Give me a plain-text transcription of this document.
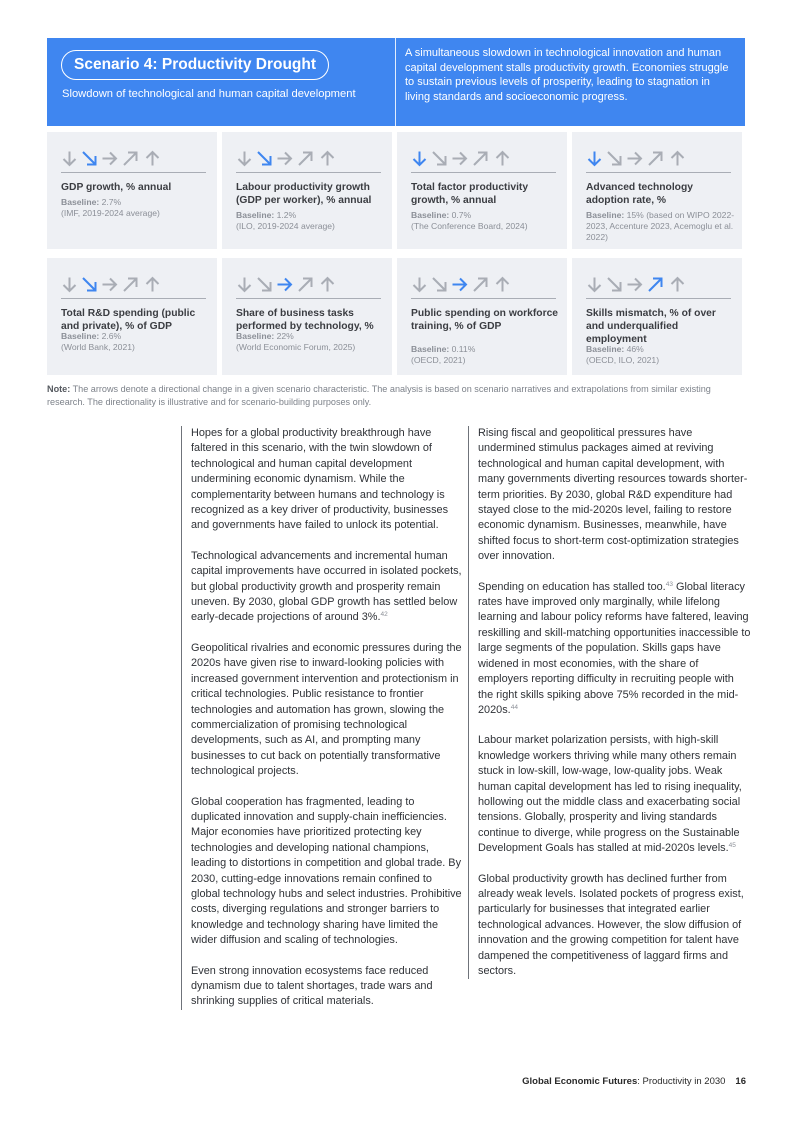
Scenario 4: Productivity Drought
Slowdown of technological and human capital development
A simultaneous slowdown in technological innovation and human capital development stalls productivity growth. Economies struggle to sustain previous levels of prosperity, leading to stagnation in living standards and socioeconomic progress.
GDP growth, % annual
Baseline: 2.7%
(IMF, 2019-2024 average)
Labour productivity growth (GDP per worker), % annual
Baseline: 1.2%
(ILO, 2019-2024 average)
Total factor productivity growth, % annual
Baseline: 0.7%
(The Conference Board, 2024)
Advanced technology adoption rate, %
Baseline: 15% (based on WIPO 2022-2023, Accenture 2023, Acemoglu et al. 2022)
Total R&D spending (public and private), % of GDP
Baseline: 2.6%
(World Bank, 2021)
Share of business tasks performed by technology, %
Baseline: 22%
(World Economic Forum, 2025)
Public spending on workforce training, % of GDP
Baseline: 0.11%
(OECD, 2021)
Skills mismatch, % of over and underqualified employment
Baseline: 46%
(OECD, ILO, 2021)
Note: The arrows denote a directional change in a given scenario characteristic. The analysis is based on scenario narratives and extrapolations from similar existing research. The directionality is illustrative and for scenario-building purposes only.

Hopes for a global productivity breakthrough have faltered in this scenario, with the twin slowdown of technological and human capital development undermining economic dynamism. While the complementarity between humans and technology is recognized as a key driver of productivity, businesses and governments have failed to unlock its potential.

Technological advancements and incremental human capital improvements have occurred in isolated pockets, but global productivity growth and prosperity remain uneven. By 2030, global GDP growth has settled below early-decade projections of around 3%.$^{42}$

Geopolitical rivalries and economic pressures during the 2020s have given rise to inward-looking policies with increased government intervention and protectionism in critical technologies. Public resistance to frontier technologies and automation has grown, slowing the commercialization of promising technological developments, such as AI, and prompting many businesses to cut back on potentially transformative technological projects.

Global cooperation has fragmented, leading to duplicated innovation and supply-chain inefficiencies. Major economies have prioritized protecting key technologies and developing national champions, leading to distortions in competition and global trade. By 2030, cutting-edge innovations remain confined to global technology hubs and select industries. Prohibitive costs, diverging regulations and stronger barriers to knowledge and technology sharing have limited the wider diffusion and scaling of technologies.

Even strong innovation ecosystems face reduced dynamism due to talent shortages, trade wars and shrinking supplies of critical materials.

Rising fiscal and geopolitical pressures have undermined stimulus packages aimed at reviving technological and human capital development, with many governments diverting resources towards shorter-term priorities. By 2030, global R&D expenditure had stayed close to the mid-2020s level, failing to restore economic dynamism. Businesses, meanwhile, have shifted focus to short-term cost-optimization strategies over innovation.

Spending on education has stalled too.$^{43}$ Global literacy rates have improved only marginally, while lifelong learning and labour policy reforms have faltered, leaving reskilling and skill-matching opportunities inaccessible to large segments of the population. Skills gaps have widened in most economies, with the share of employers reporting difficulty in recruiting people with the right skills spiking above 75% recorded in the mid-2020s.$^{44}$

Labour market polarization persists, with high-skill knowledge workers thriving while many others remain stuck in low-skill, low-wage, low-quality jobs. Weak human capital development has led to rising inequality, hollowing out the middle class and exacerbating social tensions. Globally, prosperity and living standards continue to diverge, while progress on the Sustainable Development Goals has stalled at mid-2020s levels.$^{45}$

Global productivity growth has declined further from already weak levels. Isolated pockets of progress exist, particularly for businesses that integrated earlier technological advances. However, the slow diffusion of innovation and the growing competition for talent have dampened the competitiveness of laggard firms and sectors.

Global Economic Futures: Productivity in 2030 16
